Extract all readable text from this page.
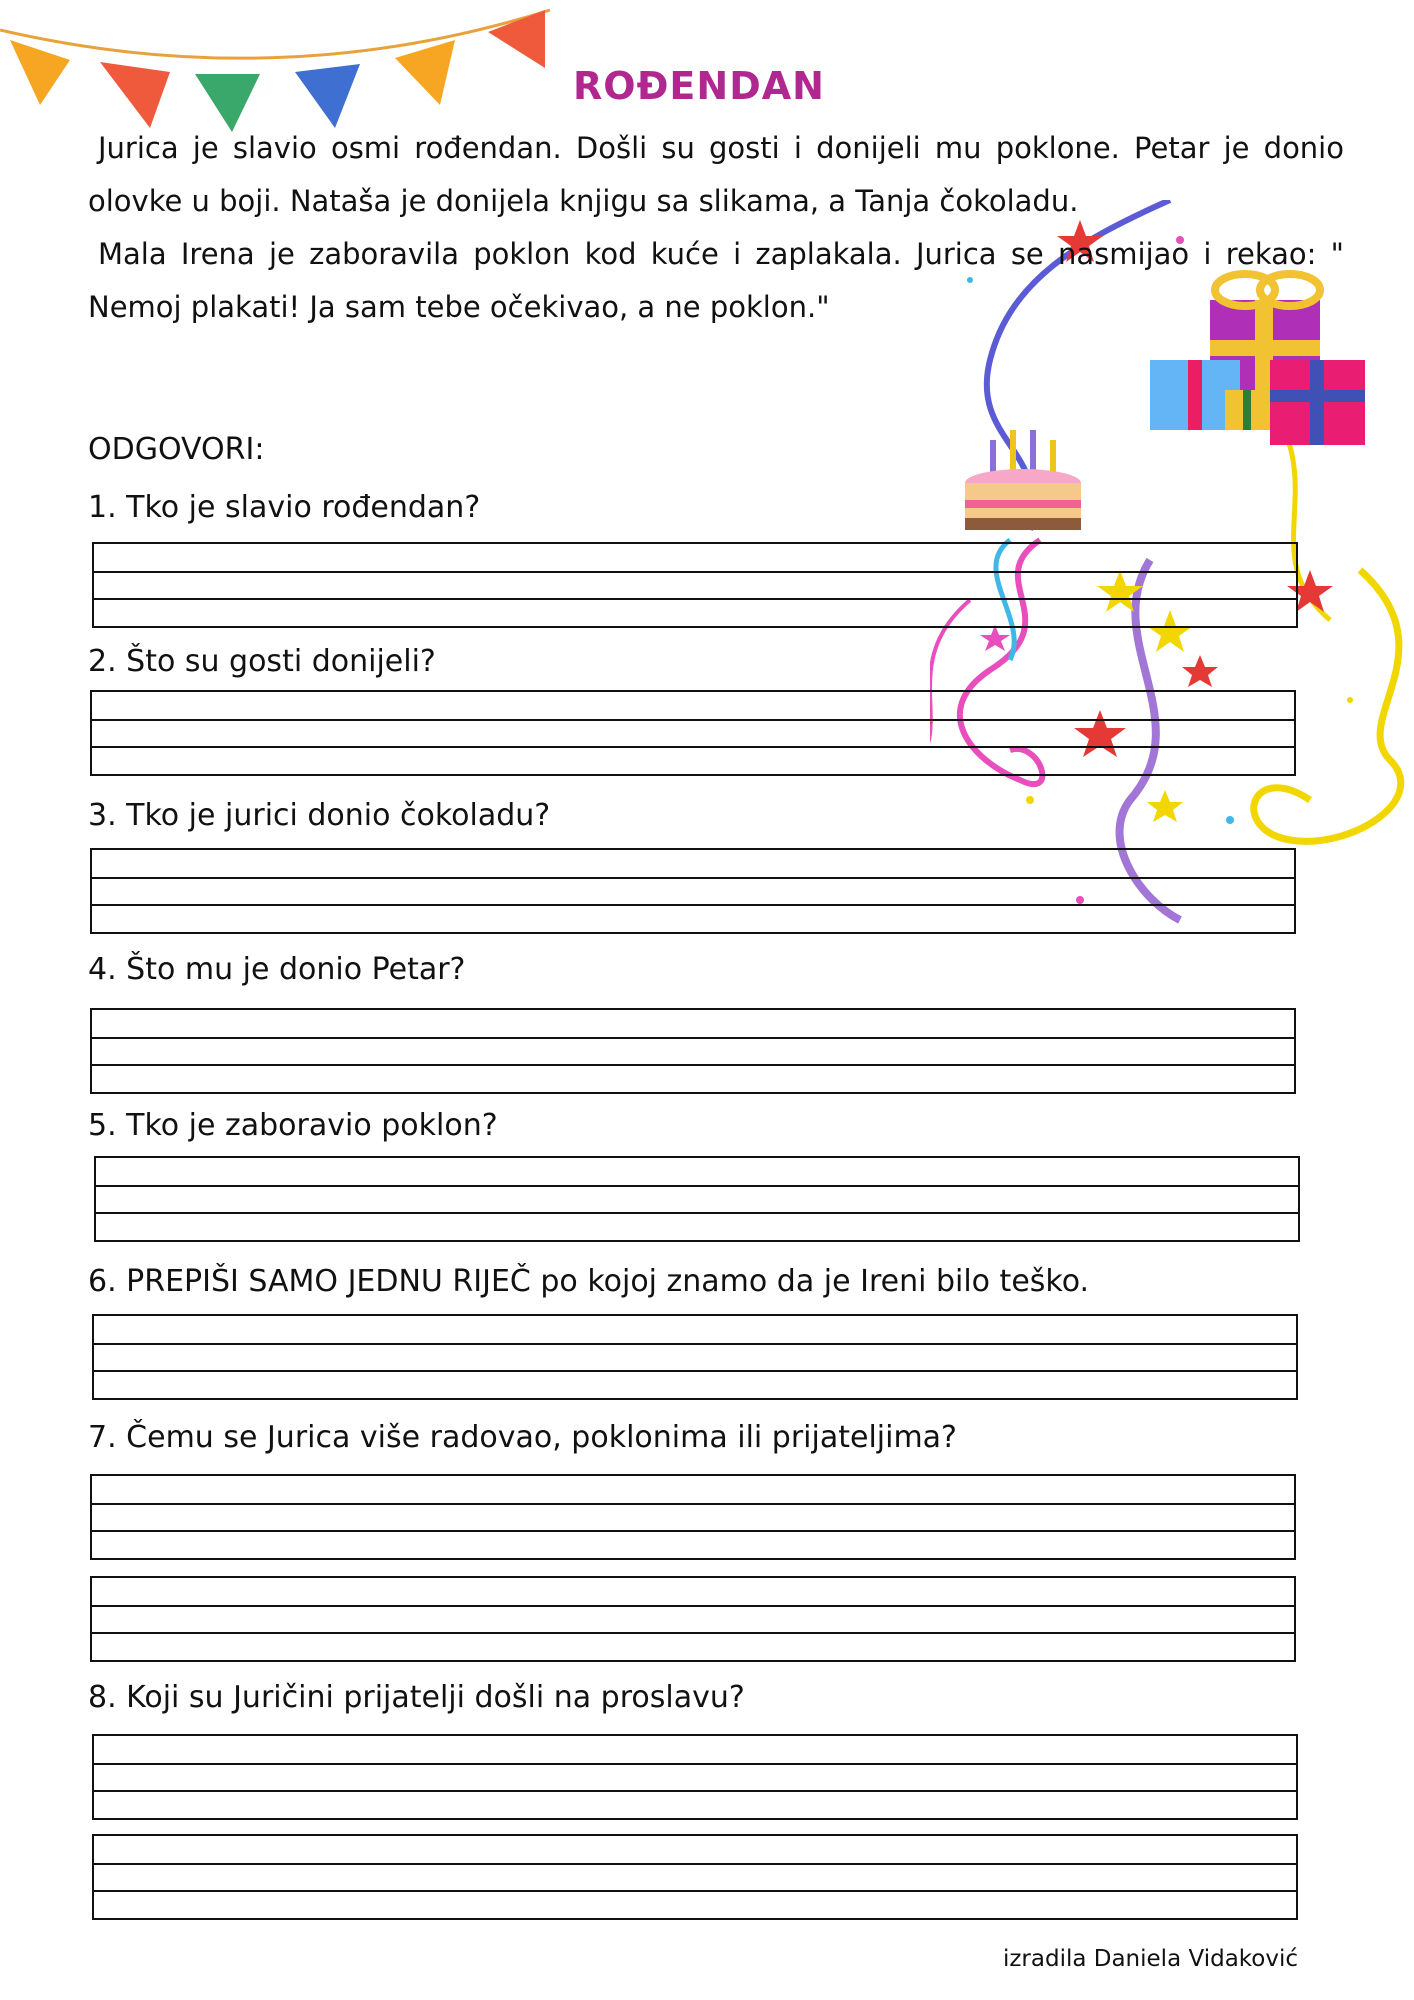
ROĐENDAN

Jurica je slavio osmi rođendan. Došli su gosti i donijeli mu poklone. Petar je donio olovke u boji. Nataša je donijela knjigu sa slikama, a Tanja čokoladu.

Mala Irena je zaboravila poklon kod kuće i zaplakala. Jurica se nasmijao i rekao: " Nemoj plakati! Ja sam tebe očekivao, a ne poklon."

ODGOVORI:
1. Tko je slavio rođendan?
2. Što su gosti donijeli?
3. Tko je jurici donio čokoladu?
4. Što mu je donio Petar?
5. Tko je zaboravio poklon?
6. PREPIŠI SAMO JEDNU RIJEČ po kojoj znamo da je Ireni bilo teško.
7. Čemu se Jurica više radovao, poklonima ili prijateljima?
8. Koji su Juričini prijatelji došli na proslavu?
izradila Daniela Vidaković
